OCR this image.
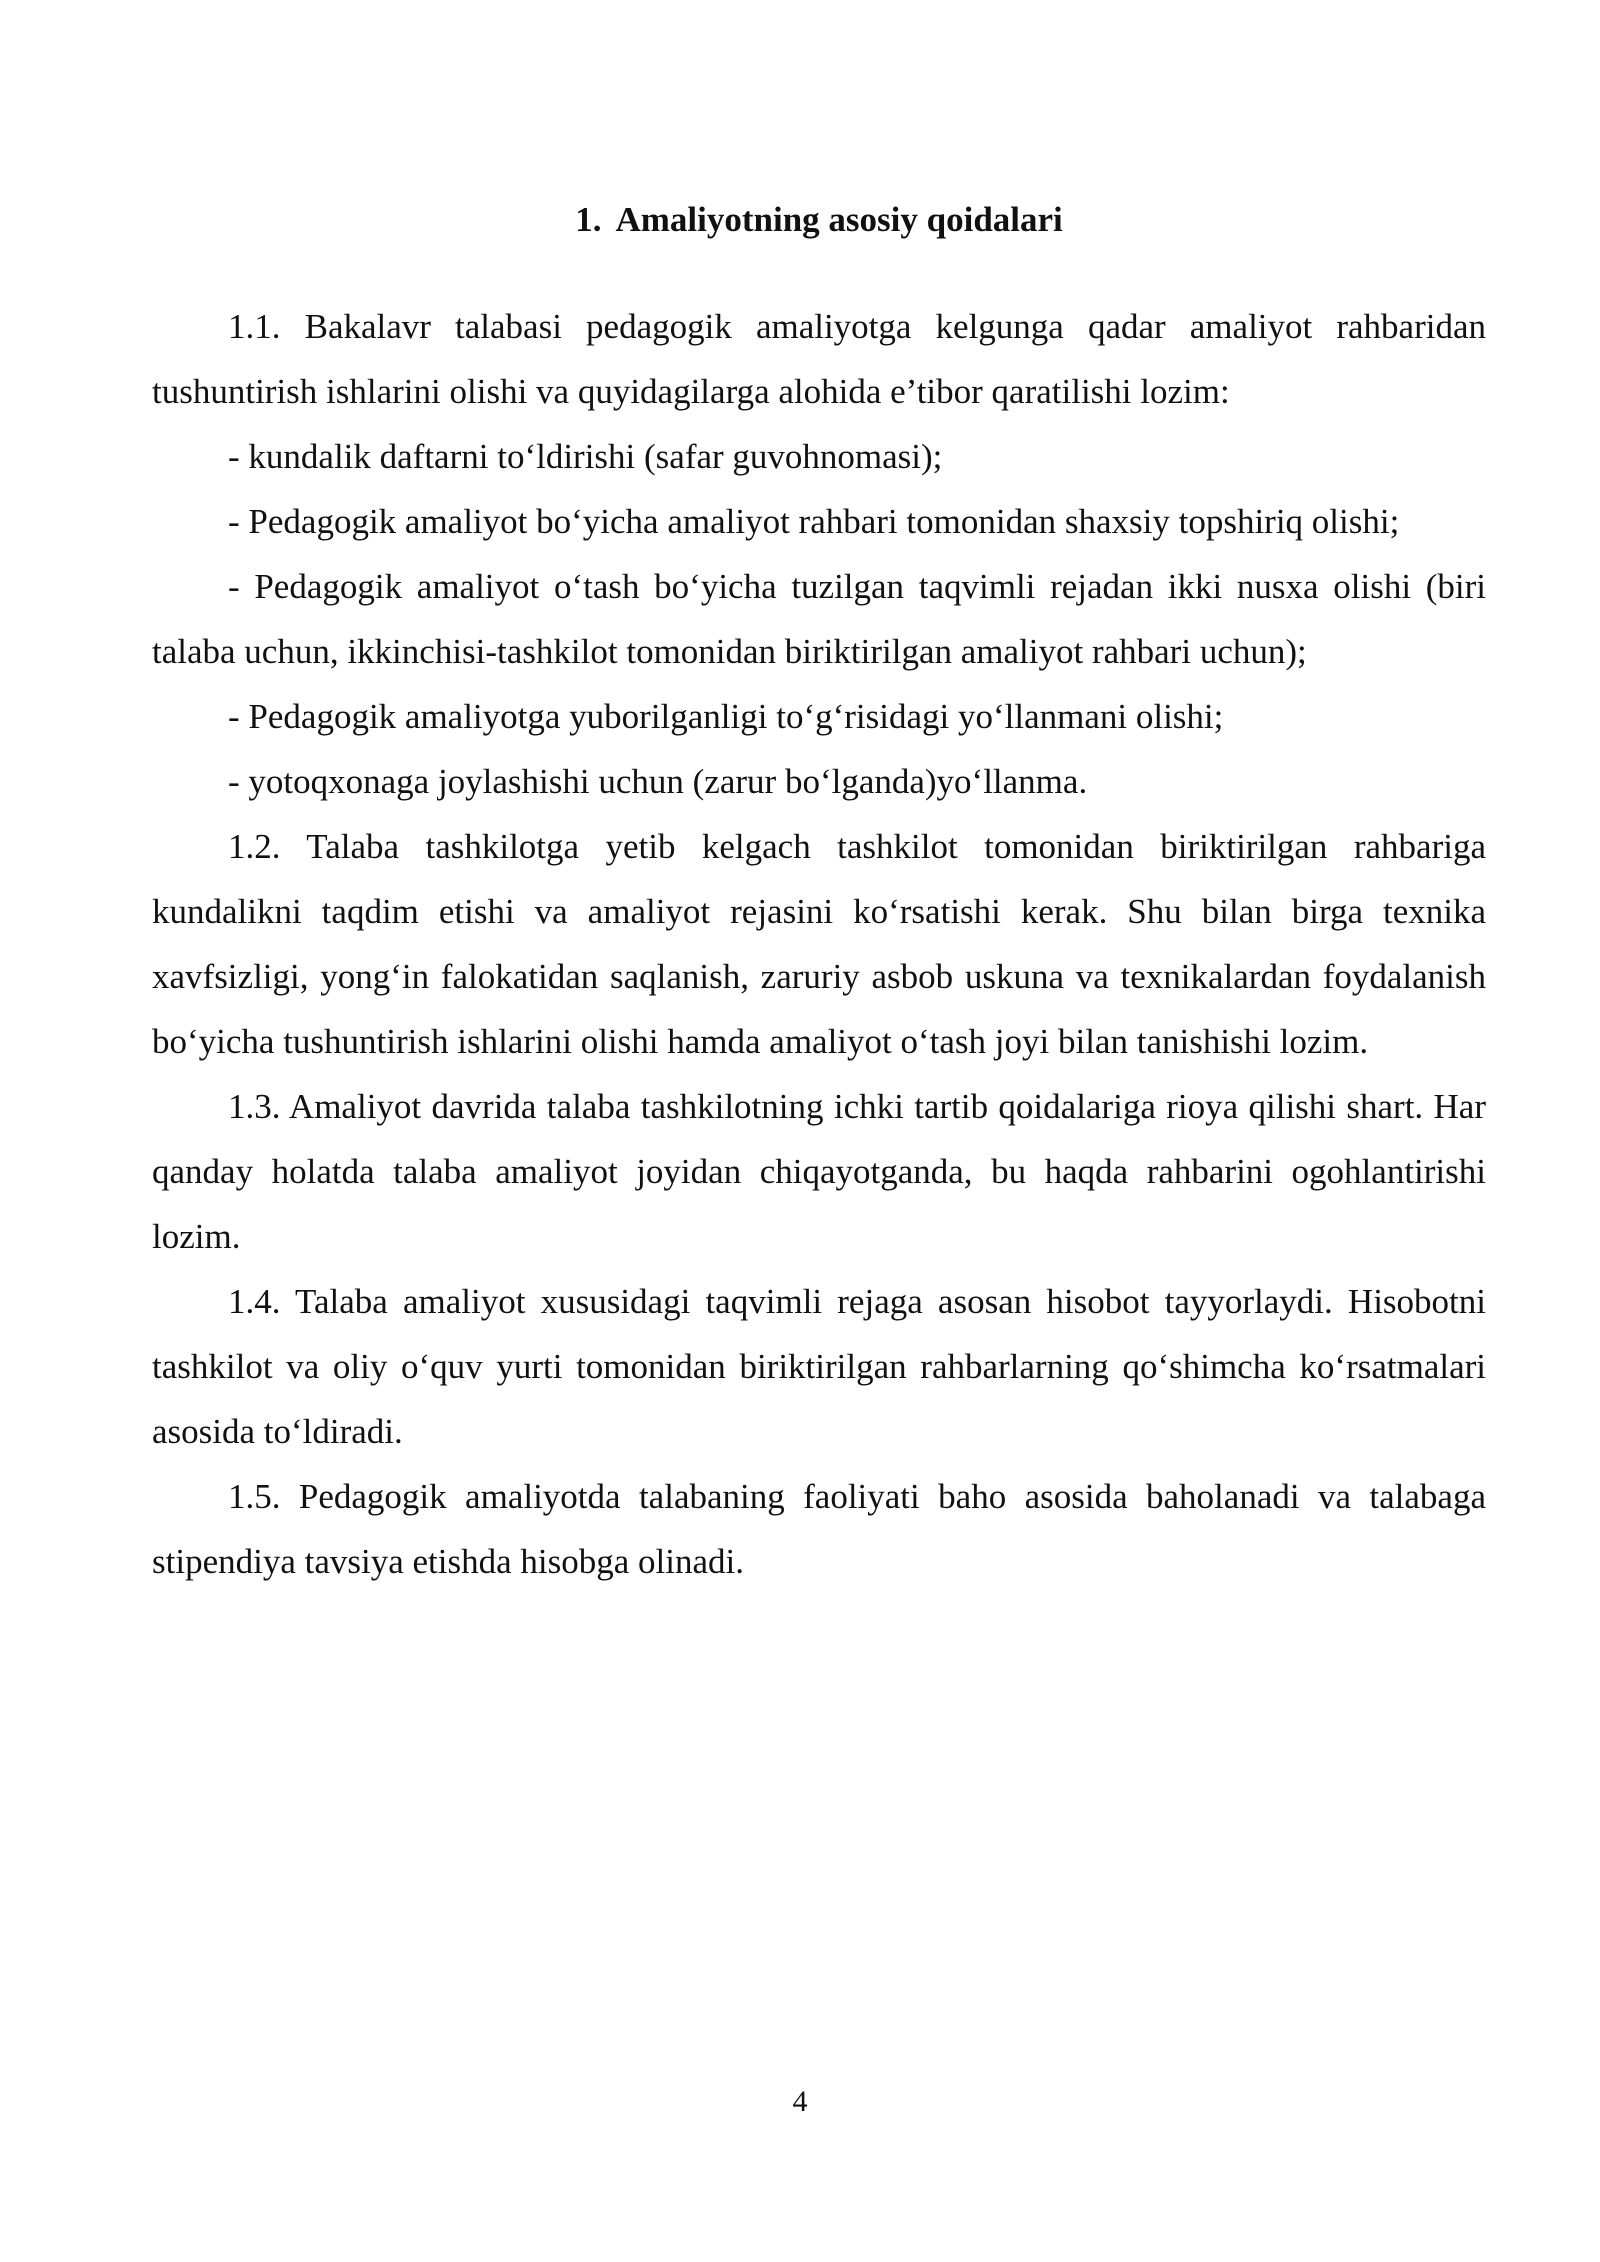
1. Amaliyotning asosiy qoidalari

1.1. Bakalavr talabasi pedagogik amaliyotga kelgunga qadar amaliyot rahbaridan tushuntirish ishlarini olishi va quyidagilarga alohida e’tibor qaratilishi lozim:

- kundalik daftarni to‘ldirishi (safar guvohnomasi);

- Pedagogik amaliyot bo‘yicha amaliyot rahbari tomonidan shaxsiy topshiriq olishi;

- Pedagogik amaliyot o‘tash bo‘yicha tuzilgan taqvimli rejadan ikki nusxa olishi (biri talaba uchun, ikkinchisi-tashkilot tomonidan biriktirilgan amaliyot rahbari uchun);

- Pedagogik amaliyotga yuborilganligi to‘g‘risidagi yo‘llanmani olishi;

- yotoqxonaga joylashishi uchun (zarur bo‘lganda)yo‘llanma.

1.2. Talaba tashkilotga yetib kelgach tashkilot tomonidan biriktirilgan rahbariga kundalikni taqdim etishi va amaliyot rejasini ko‘rsatishi kerak. Shu bilan birga texnika xavfsizligi, yong‘in falokatidan saqlanish, zaruriy asbob uskuna va texnikalardan foydalanish bo‘yicha tushuntirish ishlarini olishi hamda amaliyot o‘tash joyi bilan tanishishi lozim.

1.3. Amaliyot davrida talaba tashkilotning ichki tartib qoidalariga rioya qilishi shart. Har qanday holatda talaba amaliyot joyidan chiqayotganda, bu haqda rahbarini ogohlantirishi lozim.

1.4. Talaba amaliyot xususidagi taqvimli rejaga asosan hisobot tayyorlaydi. Hisobotni tashkilot va oliy o‘quv yurti tomonidan biriktirilgan rahbarlarning qo‘shimcha ko‘rsatmalari asosida to‘ldiradi.

1.5. Pedagogik amaliyotda talabaning faoliyati baho asosida baholanadi va talabaga stipendiya tavsiya etishda hisobga olinadi.

4
